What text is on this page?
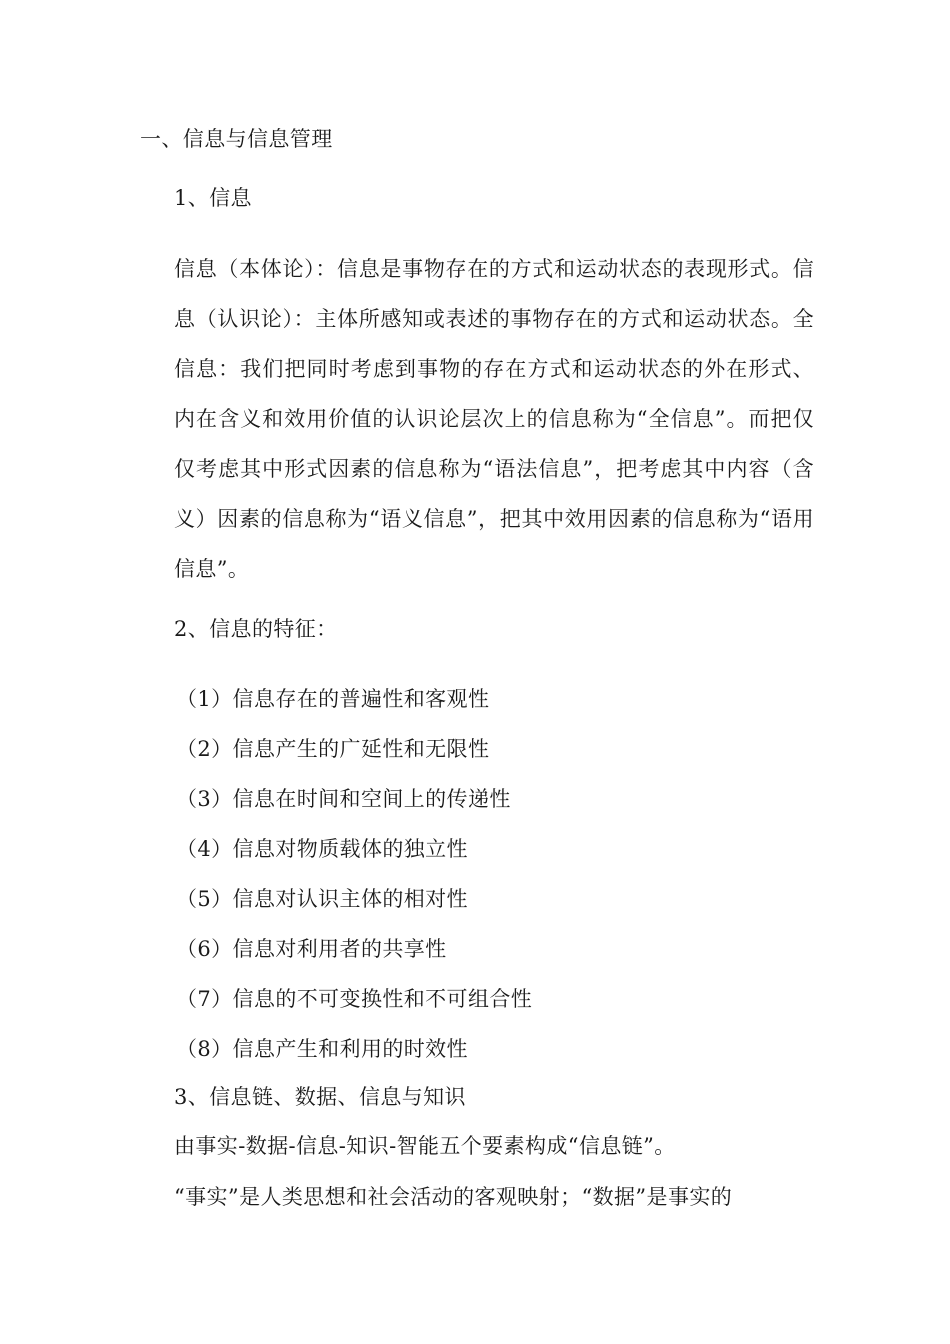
一、信息与信息管理
1、信息
信息（本体论）：信息是事物存在的方式和运动状态的表现形式。信息（认识论）：主体所感知或表述的事物存在的方式和运动状态。全信息：我们把同时考虑到事物的存在方式和运动状态的外在形式、内在含义和效用价值的认识论层次上的信息称为“全信息”。而把仅仅考虑其中形式因素的信息称为“语法信息”，把考虑其中内容（含义）因素的信息称为“语义信息”，把其中效用因素的信息称为“语用信息”。
2、信息的特征：
（1）信息存在的普遍性和客观性
（2）信息产生的广延性和无限性
（3）信息在时间和空间上的传递性
（4）信息对物质载体的独立性
（5）信息对认识主体的相对性
（6）信息对利用者的共享性
（7）信息的不可变换性和不可组合性
（8）信息产生和利用的时效性
3、信息链、数据、信息与知识
由事实-数据-信息-知识-智能五个要素构成“信息链”。
“事实”是人类思想和社会活动的客观映射；“数据”是事实的
